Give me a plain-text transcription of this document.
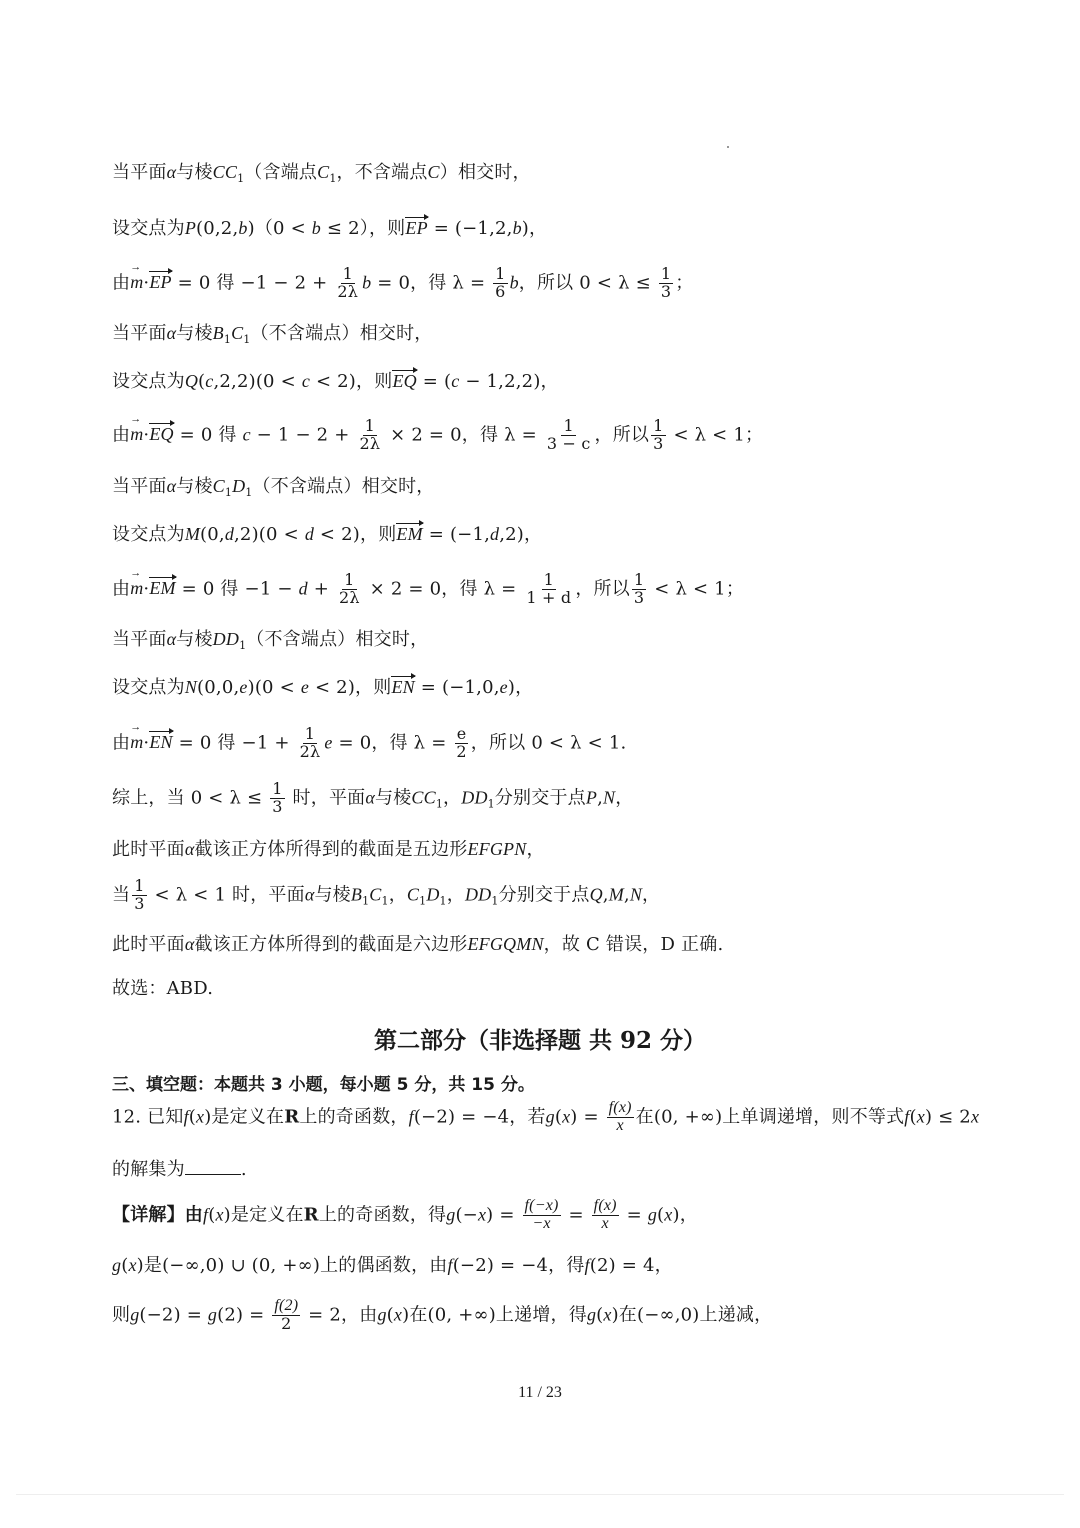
当平面α与棱$CC_1$（含端点$C_1$，不含端点C）相交时，
设交点为P(0,2,b)（0 < b ≤ 2），则EP = (−1,2,b)，
由m →·EP = 0 得 $-1 - 2 + \frac{1}{2\lambda}$ b = 0，得 $\lambda = \frac{1}{6}$ b，所以 $0 < \lambda \le \frac{1}{3}$ ；
当平面α与棱$B_1C_1$（不含端点）相交时，
设交点为Q(c,2,2)(0 < c < 2)，则EQ = (c − 1,2,2)，
由m →·EQ = 0 得 $c - 1 - 2 + \frac{1}{2\lambda} \times 2 = 0$，得 $\lambda = \frac{1}{3 - c}$ ，所以 $\frac{1}{3} < \lambda < 1$；
当平面α与棱$C_1D_1$（不含端点）相交时，
设交点为M(0,d,2)(0 < d < 2)，则EM = (−1,d,2)，
由m →·EM = 0 得 $-1 - d + \frac{1}{2\lambda} \times 2 = 0$，得 $\lambda = \frac{1}{1 + d}$ ，所以 $\frac{1}{3} < \lambda < 1$；
当平面α与棱$DD_1$（不含端点）相交时，
设交点为N(0,0,e)(0 < e < 2)，则EN = (−1,0,e)，
由m →·EN = 0 得 $-1 + \frac{1}{2\lambda}$ e = 0，得 $\lambda = \frac{e}{2}$ ，所以 0 < λ < 1.
综上，当 $0 < \lambda \le \frac{1}{3}$ 时，平面α与棱$CC_1$，$DD_1$分别交于点P,N，
此时平面α截该正方体所得到的截面是五边形EFGPN，
当 $\frac{1}{3} < \lambda < 1$ 时，平面α与棱$B_1C_1$，$C_1D_1$，$DD_1$分别交于点Q,M,N，
此时平面α截该正方体所得到的截面是六边形EFGQMN，故 C 错误，D 正确.
故选：ABD.
第二部分（非选择题 共 92 分）
三、填空题：本题共 3 小题，每小题 5 分，共 15 分。
12. 已知f(x)是定义在R上的奇函数，f(−2) = −4，若$g(x) = \frac{f(x)}{x}$ 在(0, +∞)上单调递增，则不等式f(x) ≤ 2x
的解集为	.
【详解】由f(x)是定义在R上的奇函数，得$g(-x) = \frac{f(-x)}{-x} = \frac{f(x)}{x} = g(x)$，
g(x)是(−∞,0) ∪ (0, +∞)上的偶函数，由f(−2) = −4，得f(2) = 4，
则$g(-2) = g(2) = \frac{f(2)}{2} = 2$，由g(x)在(0, +∞)上递增，得g(x)在(−∞,0)上递减，
11 / 23
